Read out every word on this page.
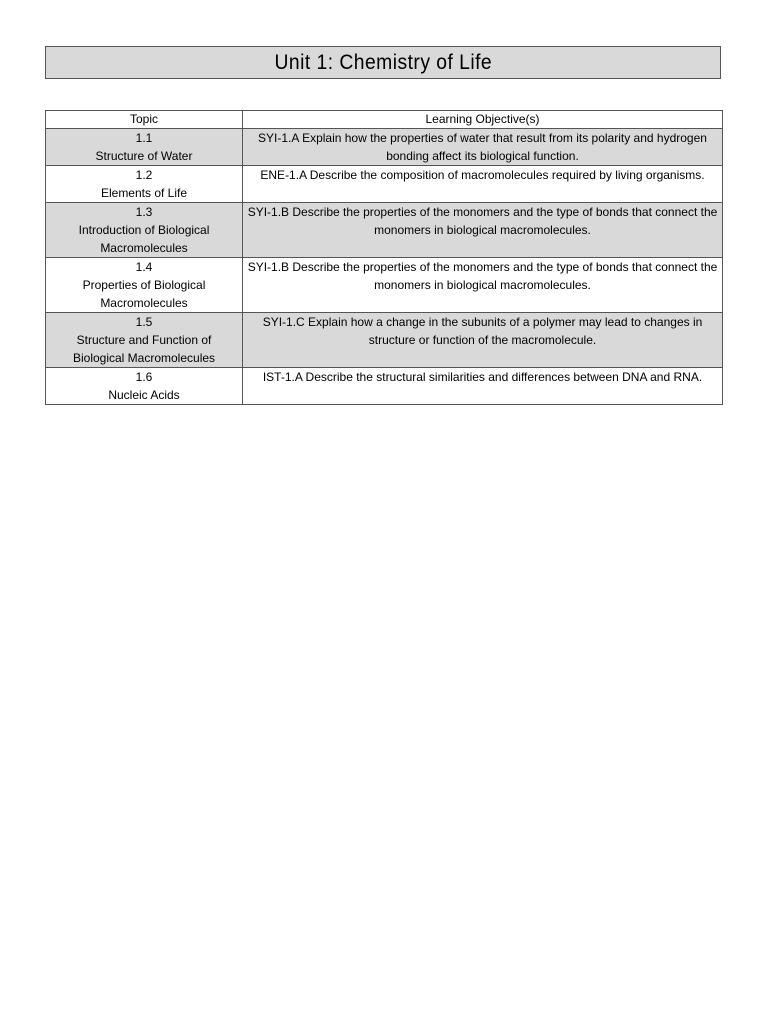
Unit 1: Chemistry of Life
Topic	Learning Objective(s)

1.1
Structure of Water	SYI-1.A Explain how the properties of water that result from its polarity and hydrogen bonding affect its biological function.

1.2
Elements of Life	ENE-1.A Describe the composition of macromolecules required by living organisms.

1.3
Introduction of Biological Macromolecules	SYI-1.B Describe the properties of the monomers and the type of bonds that connect the monomers in biological macromolecules.

1.4
Properties of Biological Macromolecules	SYI-1.B Describe the properties of the monomers and the type of bonds that connect the monomers in biological macromolecules.

1.5
Structure and Function of Biological Macromolecules	SYI-1.C Explain how a change in the subunits of a polymer may lead to changes in structure or function of the macromolecule.

1.6
Nucleic Acids	IST-1.A Describe the structural similarities and differences between DNA and RNA.
